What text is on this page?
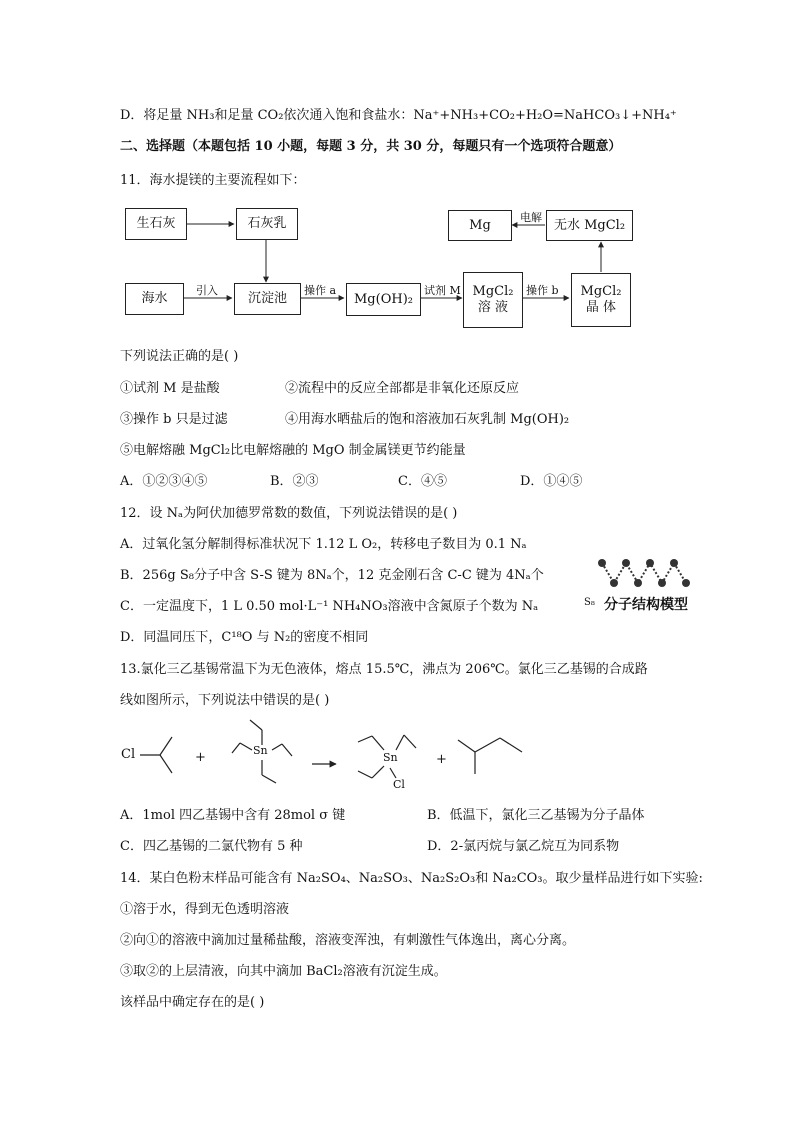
D．将足量 NH₃和足量 CO₂依次通入饱和食盐水：Na⁺+NH₃+CO₂+H₂O=NaHCO₃↓+NH₄⁺
二、选择题（本题包括 10 小题，每题 3 分，共 30 分，每题只有一个选项符合题意）
11．海水提镁的主要流程如下：
生石灰	石灰乳
海水	沉淀池	Mg(OH)₂	MgCl₂
溶 液
MgCl₂
晶 体
无水 MgCl₂
Mg
引入	操作 a	试剂 M	操作 b
电解
下列说法正确的是( )
①试剂 M 是盐酸	②流程中的反应全部都是非氧化还原反应
③操作 b 只是过滤	④用海水晒盐后的饱和溶液加石灰乳制 Mg(OH)₂
⑤电解熔融 MgCl₂比电解熔融的 MgO 制金属镁更节约能量
A．①②③④⑤	B．②③	C．④⑤	D．①④⑤
12．设 Nₐ为阿伏加德罗常数的数值，下列说法错误的是( )
A．过氧化氢分解制得标准状况下 1.12 L O₂，转移电子数目为 0.1 Nₐ
B．256g S₈分子中含 S-S 键为 8Nₐ个，12 克金刚石含 C-C 键为 4Nₐ个
C．一定温度下，1 L 0.50 mol·L⁻¹ NH₄NO₃溶液中含氮原子个数为 Nₐ
D．同温同压下，C¹⁸O 与 N₂的密度不相同
S₈ 分子结构模型
13.氯化三乙基锡常温下为无色液体，熔点 15.5℃，沸点为 206℃。氯化三乙基锡的合成路
线如图所示，下列说法中错误的是( )
Cl	+	Sn
Sn
Cl
+
A．1mol 四乙基锡中含有 28mol σ 键	B．低温下，氯化三乙基锡为分子晶体
C．四乙基锡的二氯代物有 5 种	D．2-氯丙烷与氯乙烷互为同系物
14．某白色粉末样品可能含有 Na₂SO₄、Na₂SO₃、Na₂S₂O₃和 Na₂CO₃。取少量样品进行如下实验:
①溶于水，得到无色透明溶液
②向①的溶液中滴加过量稀盐酸，溶液变浑浊，有刺激性气体逸出，离心分离。
③取②的上层清液，向其中滴加 BaCl₂溶液有沉淀生成。
该样品中确定存在的是( )
